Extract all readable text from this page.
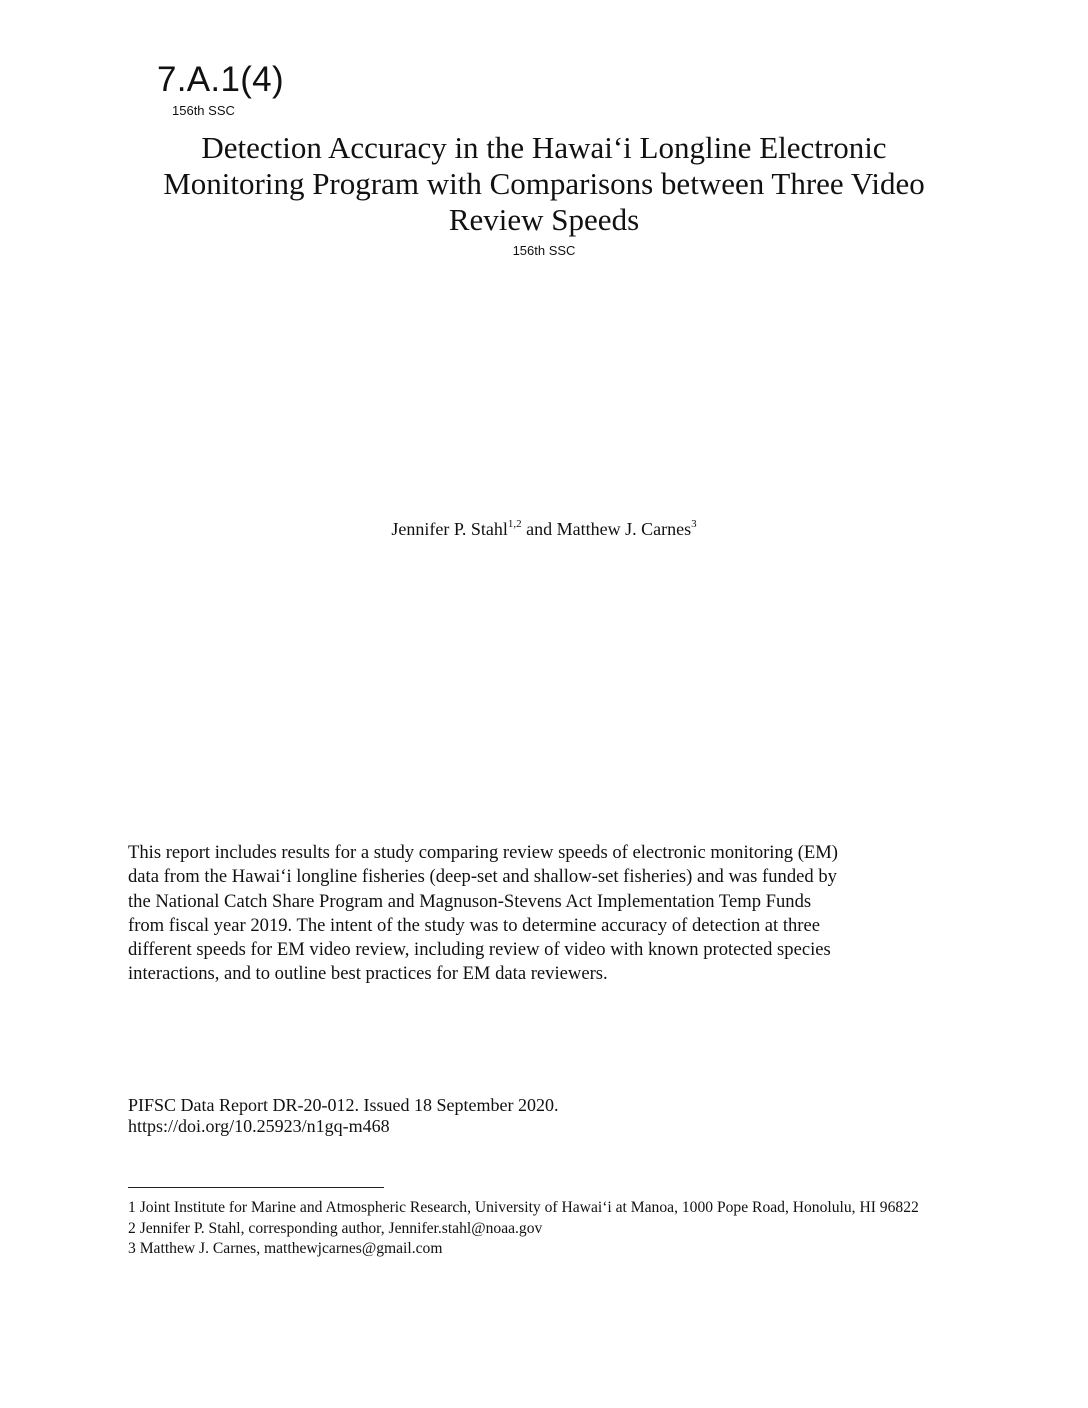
7.A.1(4)
156th SSC
Detection Accuracy in the Hawai‘i Longline Electronic
Monitoring Program with Comparisons between Three Video
Review Speeds
156th SSC
Jennifer P. Stahl$^{1,2}$ and Matthew J. Carnes$^3$

This report includes results for a study comparing review speeds of electronic monitoring (EM)
data from the Hawai‘i longline fisheries (deep-set and shallow-set fisheries) and was funded by
the National Catch Share Program and Magnuson-Stevens Act Implementation Temp Funds
from fiscal year 2019. The intent of the study was to determine accuracy of detection at three
different speeds for EM video review, including review of video with known protected species
interactions, and to outline best practices for EM data reviewers.

PIFSC Data Report DR-20-012. Issued 18 September 2020.
https://doi.org/10.25923/n1gq-m468
1 Joint Institute for Marine and Atmospheric Research, University of Hawai‘i at Manoa, 1000 Pope Road, Honolulu, HI 96822
2 Jennifer P. Stahl, corresponding author, Jennifer.stahl@noaa.gov
3 Matthew J. Carnes, matthewjcarnes@gmail.com
